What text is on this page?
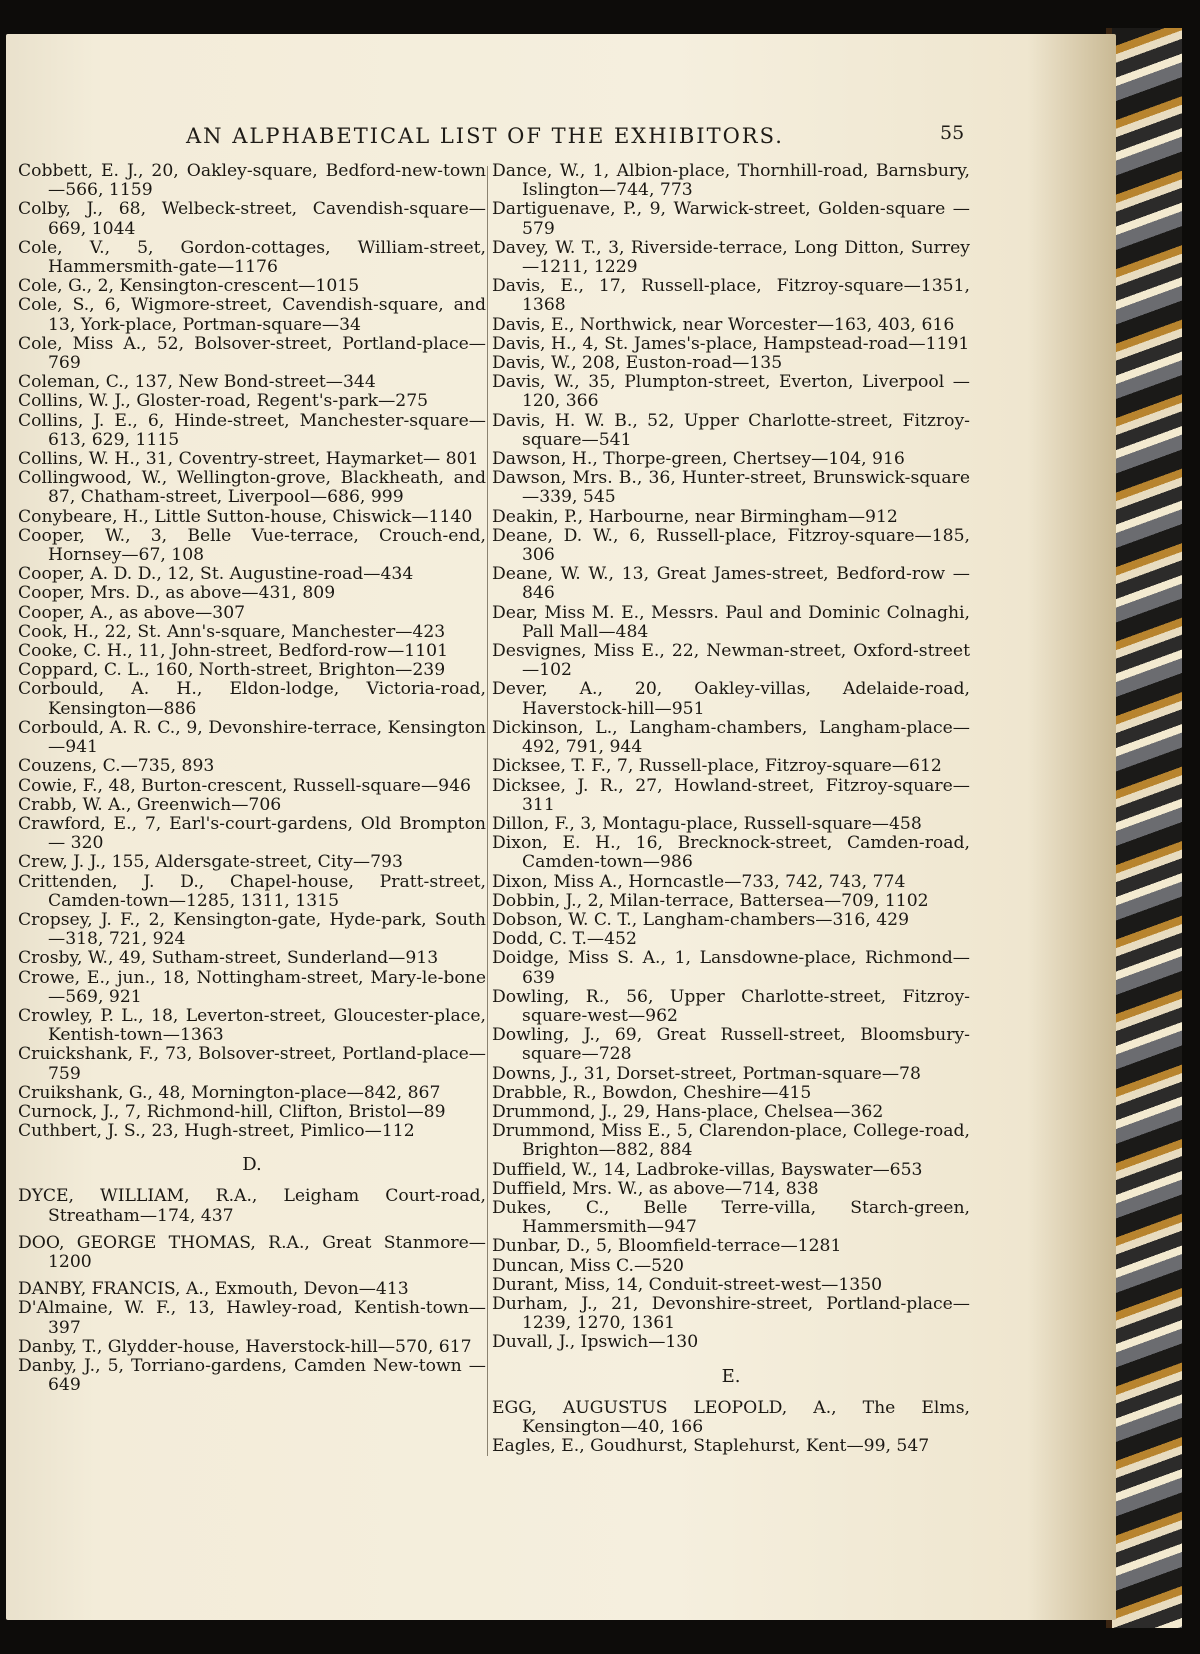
AN ALPHABETICAL LIST OF THE EXHIBITORS.	55

Cobbett, E. J., 20, Oakley-square, Bedford-new-town —566, 1159

Colby, J., 68, Welbeck-street, Cavendish-square— 669, 1044

Cole, V., 5, Gordon-cottages, William-street, Hammersmith-gate—1176

Cole, G., 2, Kensington-crescent—1015

Cole, S., 6, Wigmore-street, Cavendish-square, and 13, York-place, Portman-square—34

Cole, Miss A., 52, Bolsover-street, Portland-place— 769

Coleman, C., 137, New Bond-street—344

Collins, W. J., Gloster-road, Regent's-park—275

Collins, J. E., 6, Hinde-street, Manchester-square— 613, 629, 1115

Collins, W. H., 31, Coventry-street, Haymarket— 801

Collingwood, W., Wellington-grove, Blackheath, and 87, Chatham-street, Liverpool—686, 999

Conybeare, H., Little Sutton-house, Chiswick—1140

Cooper, W., 3, Belle Vue-terrace, Crouch-end, Hornsey—67, 108

Cooper, A. D. D., 12, St. Augustine-road—434

Cooper, Mrs. D., as above—431, 809

Cooper, A., as above—307

Cook, H., 22, St. Ann's-square, Manchester—423

Cooke, C. H., 11, John-street, Bedford-row—1101

Coppard, C. L., 160, North-street, Brighton—239

Corbould, A. H., Eldon-lodge, Victoria-road, Kensington—886

Corbould, A. R. C., 9, Devonshire-terrace, Kensington —941

Couzens, C.—735, 893

Cowie, F., 48, Burton-crescent, Russell-square—946

Crabb, W. A., Greenwich—706

Crawford, E., 7, Earl's-court-gardens, Old Brompton— 320

Crew, J. J., 155, Aldersgate-street, City—793

Crittenden, J. D., Chapel-house, Pratt-street, Camden-town—1285, 1311, 1315

Cropsey, J. F., 2, Kensington-gate, Hyde-park, South —318, 721, 924

Crosby, W., 49, Sutham-street, Sunderland—913

Crowe, E., jun., 18, Nottingham-street, Mary-le-bone —569, 921

Crowley, P. L., 18, Leverton-street, Gloucester-place, Kentish-town—1363

Cruickshank, F., 73, Bolsover-street, Portland-place— 759

Cruikshank, G., 48, Mornington-place—842, 867

Curnock, J., 7, Richmond-hill, Clifton, Bristol—89

Cuthbert, J. S., 23, Hugh-street, Pimlico—112

D.

DYCE, WILLIAM, R.A., Leigham Court-road, Streatham—174, 437

DOO, GEORGE THOMAS, R.A., Great Stanmore— 1200

DANBY, FRANCIS, A., Exmouth, Devon—413

D'Almaine, W. F., 13, Hawley-road, Kentish-town— 397

Danby, T., Glydder-house, Haverstock-hill—570, 617

Danby, J., 5, Torriano-gardens, Camden New-town —649

Dance, W., 1, Albion-place, Thornhill-road, Barnsbury, Islington—744, 773

Dartiguenave, P., 9, Warwick-street, Golden-square —579

Davey, W. T., 3, Riverside-terrace, Long Ditton, Surrey—1211, 1229

Davis, E., 17, Russell-place, Fitzroy-square—1351, 1368

Davis, E., Northwick, near Worcester—163, 403, 616

Davis, H., 4, St. James's-place, Hampstead-road—1191

Davis, W., 208, Euston-road—135

Davis, W., 35, Plumpton-street, Everton, Liverpool —120, 366

Davis, H. W. B., 52, Upper Charlotte-street, Fitzroy-square—541

Dawson, H., Thorpe-green, Chertsey—104, 916

Dawson, Mrs. B., 36, Hunter-street, Brunswick-square —339, 545

Deakin, P., Harbourne, near Birmingham—912

Deane, D. W., 6, Russell-place, Fitzroy-square—185, 306

Deane, W. W., 13, Great James-street, Bedford-row —846

Dear, Miss M. E., Messrs. Paul and Dominic Colnaghi, Pall Mall—484

Desvignes, Miss E., 22, Newman-street, Oxford-street —102

Dever, A., 20, Oakley-villas, Adelaide-road, Haverstock-hill—951

Dickinson, L., Langham-chambers, Langham-place— 492, 791, 944

Dicksee, T. F., 7, Russell-place, Fitzroy-square—612

Dicksee, J. R., 27, Howland-street, Fitzroy-square— 311

Dillon, F., 3, Montagu-place, Russell-square—458

Dixon, E. H., 16, Brecknock-street, Camden-road, Camden-town—986

Dixon, Miss A., Horncastle—733, 742, 743, 774

Dobbin, J., 2, Milan-terrace, Battersea—709, 1102

Dobson, W. C. T., Langham-chambers—316, 429

Dodd, C. T.—452

Doidge, Miss S. A., 1, Lansdowne-place, Richmond— 639

Dowling, R., 56, Upper Charlotte-street, Fitzroy-square-west—962

Dowling, J., 69, Great Russell-street, Bloomsbury-square—728

Downs, J., 31, Dorset-street, Portman-square—78

Drabble, R., Bowdon, Cheshire—415

Drummond, J., 29, Hans-place, Chelsea—362

Drummond, Miss E., 5, Clarendon-place, College-road, Brighton—882, 884

Duffield, W., 14, Ladbroke-villas, Bayswater—653

Duffield, Mrs. W., as above—714, 838

Dukes, C., Belle Terre-villa, Starch-green, Hammersmith—947

Dunbar, D., 5, Bloomfield-terrace—1281

Duncan, Miss C.—520

Durant, Miss, 14, Conduit-street-west—1350

Durham, J., 21, Devonshire-street, Portland-place— 1239, 1270, 1361

Duvall, J., Ipswich—130

E.

EGG, AUGUSTUS LEOPOLD, A., The Elms, Kensington—40, 166

Eagles, E., Goudhurst, Staplehurst, Kent—99, 547
